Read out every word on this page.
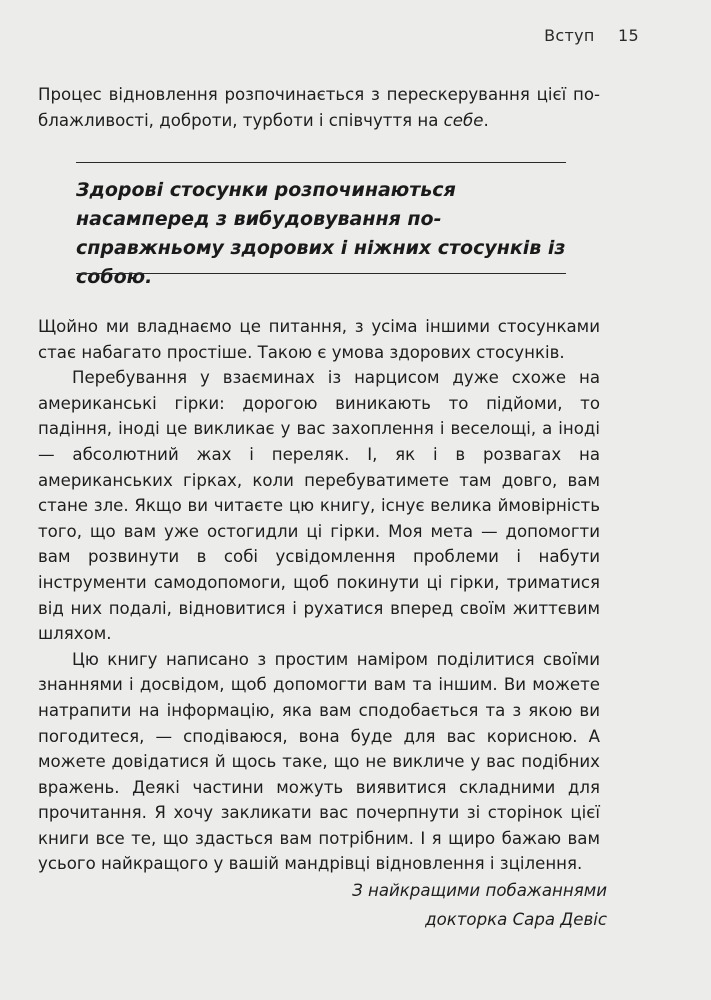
Вступ 15
Процес відновлення розпочинається з перескерування цієї поблажливості, доброти, турботи і співчуття на себе.
Здорові стосунки розпочинаються насамперед з вибудовування по-справжньому здорових і ніжних стосунків із собою.

Щойно ми владнаємо це питання, з усіма іншими стосунками стає набагато простіше. Такою є умова здорових стосунків.

Перебування у взаєминах із нарцисом дуже схоже на американські гірки: дорогою виникають то підйоми, то падіння, іноді це викликає у вас захоплення і веселощі, а іноді — абсолютний жах і переляк. І, як і в розвагах на американських гірках, коли перебуватимете там довго, вам стане зле. Якщо ви читаєте цю книгу, існує велика ймовірність того, що вам уже остогидли ці гірки. Моя мета — допомогти вам розвинути в собі усвідомлення проблеми і набути інструменти самодопомоги, щоб покинути ці гірки, триматися від них подалі, відновитися і рухатися вперед своїм життєвим шляхом.

Цю книгу написано з простим наміром поділитися своїми знаннями і досвідом, щоб допомогти вам та іншим. Ви можете натрапити на інформацію, яка вам сподобається та з якою ви погодитеся, — сподіваюся, вона буде для вас корисною. А можете довідатися й щось таке, що не викличе у вас подібних вражень. Деякі частини можуть виявитися складними для прочитання. Я хочу закликати вас почерпнути зі сторінок цієї книги все те, що здасться вам потрібним. І я щиро бажаю вам усього найкращого у вашій мандрівці відновлення і зцілення.

З найкращими побажаннями
докторка Сара Девіс
